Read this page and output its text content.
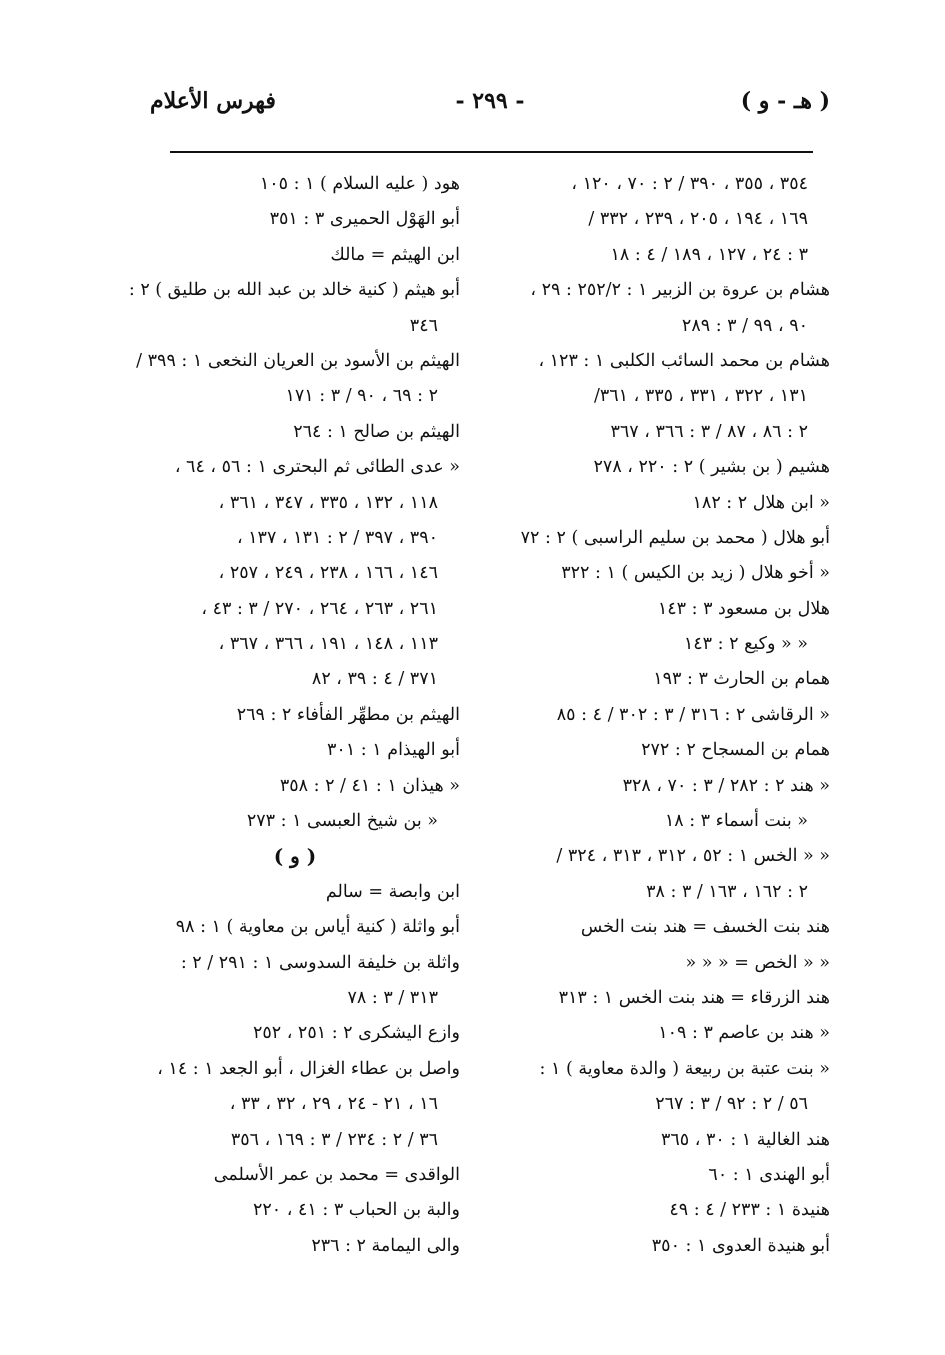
( هـ - و )
- ٢٩٩ -
فهرس الأعلام
٣٥٤ ، ٣٥٥ ، ٣٩٠ / ٢ : ٧٠ ، ١٢٠ ،
١٦٩ ، ١٩٤ ، ٢٠٥ ، ٢٣٩ ، ٣٣٢ /
٣ : ٢٤ ، ١٢٧ ، ١٨٩ / ٤ : ١٨
هشام بن عروة بن الزبير ١ : ٢٥٢/٢ : ٢٩ ،
٩٠ ، ٩٩ / ٣ : ٢٨٩
هشام بن محمد السائب الكلبى ١ : ١٢٣ ،
١٣١ ، ٣٢٢ ، ٣٣١ ، ٣٣٥ ، ٣٦١/
٢ : ٨٦ ، ٨٧ / ٣ : ٣٦٦ ، ٣٦٧
هشيم ( بن بشير ) ٢ : ٢٢٠ ، ٢٧٨
« ابن هلال ٢ : ١٨٢
أبو هلال ( محمد بن سليم الراسبى ) ٢ : ٧٢
« أخو هلال ( زيد بن الكيس ) ١ : ٣٢٢
هلال بن مسعود ٣ : ١٤٣
« « وكيع ٢ : ١٤٣
همام بن الحارث ٣ : ١٩٣
« الرقاشى ٢ : ٣١٦ / ٣ : ٣٠٢ / ٤ : ٨٥
همام بن المسجاح ٢ : ٢٧٢
« هند ٢ : ٢٨٢ / ٣ : ٧٠ ، ٣٢٨
« بنت أسماء ٣ : ١٨
« « الخس ١ : ٥٢ ، ٣١٢ ، ٣١٣ ، ٣٢٤ /
٢ : ١٦٢ ، ١٦٣ / ٣ : ٣٨
هند بنت الخسف = هند بنت الخس
« « الخص = « « «
هند الزرقاء = هند بنت الخس ١ : ٣١٣
« هند بن عاصم ٣ : ١٠٩
« بنت عتبة بن ربيعة ( والدة معاوية ) ١ :
٥٦ / ٢ : ٩٢ / ٣ : ٢٦٧
هند الغالية ١ : ٣٠ ، ٣٦٥
أبو الهندى ١ : ٦٠
هنيدة ١ : ٢٣٣ / ٤ : ٤٩
أبو هنيدة العدوى ١ : ٣٥٠
هود ( عليه السلام ) ١ : ١٠٥
أبو الهَوْل الحميرى ٣ : ٣٥١
ابن الهيثم = مالك
أبو هيثم ( كنية خالد بن عبد الله بن طليق ) ٢ :
٣٤٦
الهيثم بن الأسود بن العريان النخعى ١ : ٣٩٩ /
٢ : ٦٩ ، ٩٠ / ٣ : ١٧١
الهيثم بن صالح ١ : ٢٦٤
« عدى الطائى ثم البحترى ١ : ٥٦ ، ٦٤ ،
١١٨ ، ١٣٢ ، ٣٣٥ ، ٣٤٧ ، ٣٦١ ،
٣٩٠ ، ٣٩٧ / ٢ : ١٣١ ، ١٣٧ ،
١٤٦ ، ١٦٦ ، ٢٣٨ ، ٢٤٩ ، ٢٥٧ ،
٢٦١ ، ٢٦٣ ، ٢٦٤ ، ٢٧٠ / ٣ : ٤٣ ،
١١٣ ، ١٤٨ ، ١٩١ ، ٣٦٦ ، ٣٦٧ ،
٣٧١ / ٤ : ٣٩ ، ٨٢
الهيثم بن مطهِّر الفأفاء ٢ : ٢٦٩
أبو الهيذام ١ : ٣٠١
« هيذان ١ : ٤١ / ٢ : ٣٥٨
« بن شيخ العبسى ١ : ٢٧٣
( و )
ابن وابصة = سالم
أبو واثلة ( كنية أياس بن معاوية ) ١ : ٩٨
واثلة بن خليفة السدوسى ١ : ٢٩١ / ٢ :
٣١٣ / ٣ : ٧٨
وازع اليشكرى ٢ : ٢٥١ ، ٢٥٢
واصل بن عطاء الغزال ، أبو الجعد ١ : ١٤ ،
١٦ ، ٢١ - ٢٤ ، ٢٩ ، ٣٢ ، ٣٣ ،
٣٦ / ٢ : ٢٣٤ / ٣ : ١٦٩ ، ٣٥٦
الواقدى = محمد بن عمر الأسلمى
والبة بن الحباب ٣ : ٤١ ، ٢٢٠
والى اليمامة ٢ : ٢٣٦
